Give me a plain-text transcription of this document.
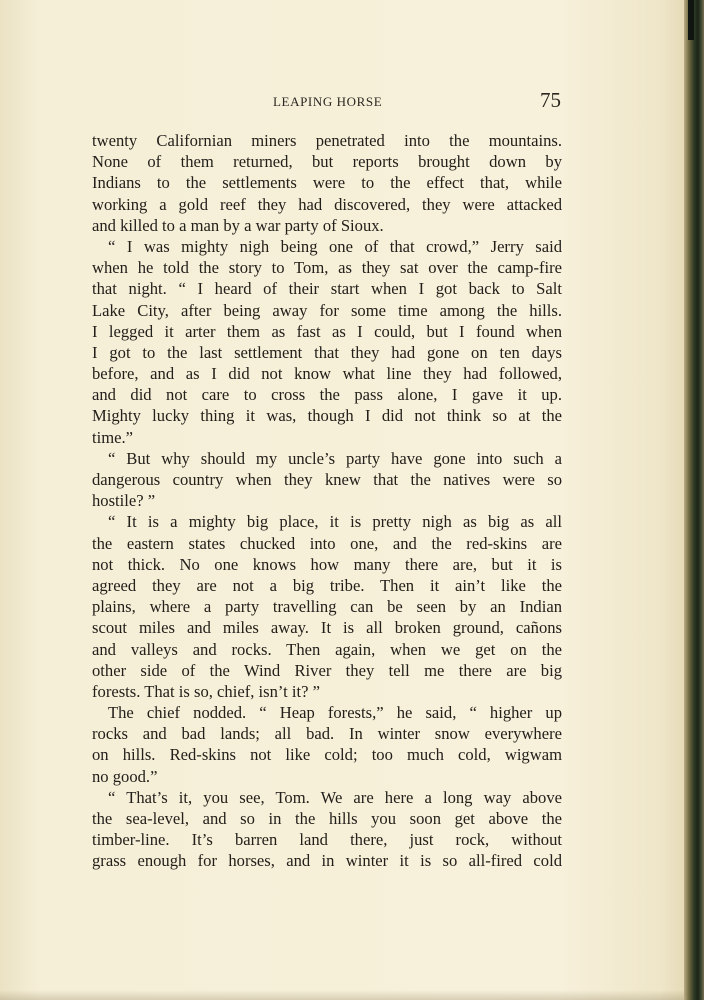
LEAPING HORSE	75
twenty Californian miners penetrated into the mountains.
None of them returned, but reports brought down by
Indians to the settlements were to the effect that, while
working a gold reef they had discovered, they were attacked
and killed to a man by a war party of Sioux.
“ I was mighty nigh being one of that crowd,” Jerry said
when he told the story to Tom, as they sat over the camp-fire
that night. “ I heard of their start when I got back to Salt
Lake City, after being away for some time among the hills.
I legged it arter them as fast as I could, but I found when
I got to the last settlement that they had gone on ten days
before, and as I did not know what line they had followed,
and did not care to cross the pass alone, I gave it up.
Mighty lucky thing it was, though I did not think so at the
time.”
“ But why should my uncle’s party have gone into such a
dangerous country when they knew that the natives were so
hostile? ”
“ It is a mighty big place, it is pretty nigh as big as all
the eastern states chucked into one, and the red-skins are
not thick. No one knows how many there are, but it is
agreed they are not a big tribe. Then it ain’t like the
plains, where a party travelling can be seen by an Indian
scout miles and miles away. It is all broken ground, cañons
and valleys and rocks. Then again, when we get on the
other side of the Wind River they tell me there are big
forests. That is so, chief, isn’t it? ”
The chief nodded. “ Heap forests,” he said, “ higher up
rocks and bad lands; all bad. In winter snow everywhere
on hills. Red-skins not like cold; too much cold, wigwam
no good.”
“ That’s it, you see, Tom. We are here a long way above
the sea-level, and so in the hills you soon get above the
timber-line. It’s barren land there, just rock, without
grass enough for horses, and in winter it is so all-fired cold
